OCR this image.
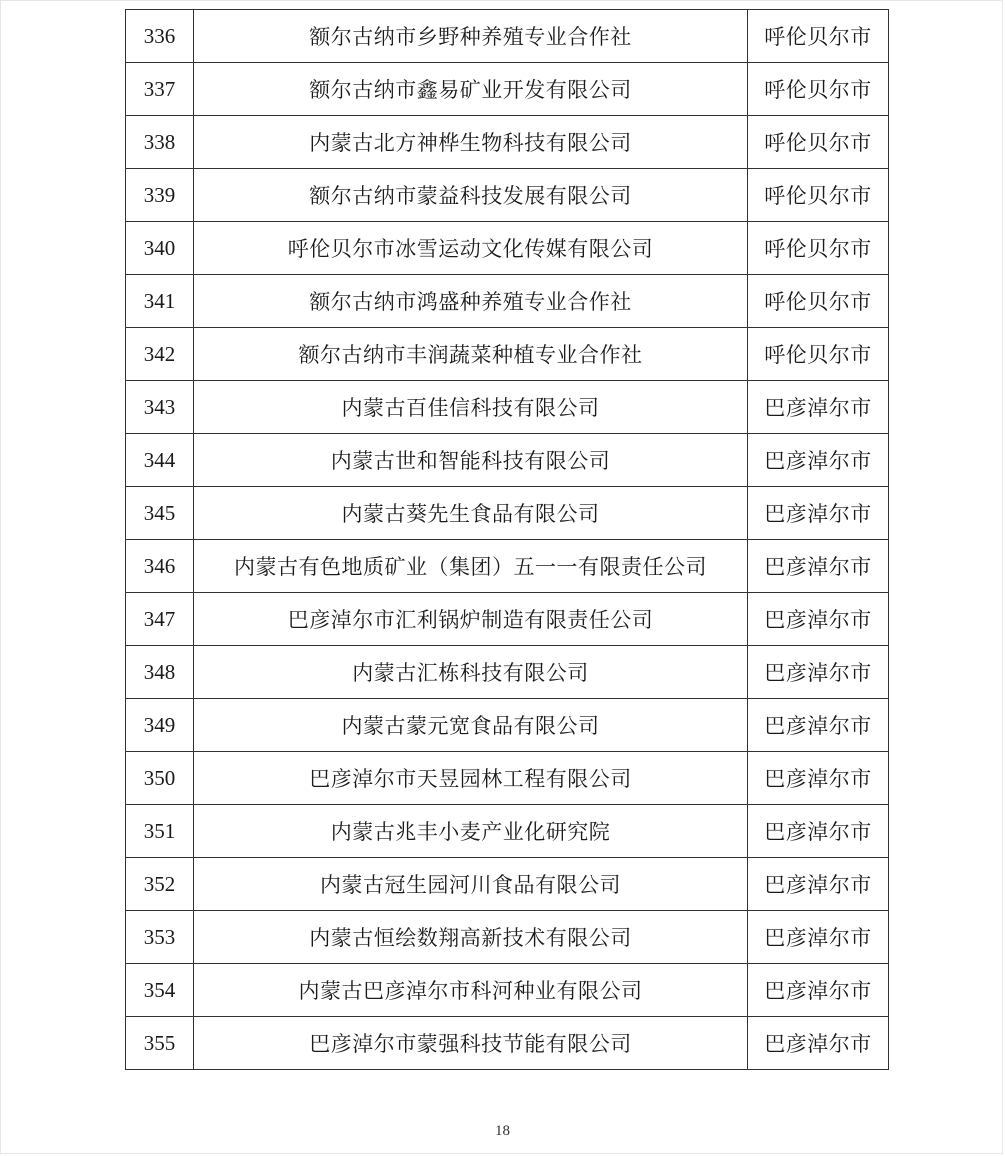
336	额尔古纳市乡野种养殖专业合作社	呼伦贝尔市
337	额尔古纳市鑫易矿业开发有限公司	呼伦贝尔市
338	内蒙古北方神桦生物科技有限公司	呼伦贝尔市
339	额尔古纳市蒙益科技发展有限公司	呼伦贝尔市
340	呼伦贝尔市冰雪运动文化传媒有限公司	呼伦贝尔市
341	额尔古纳市鸿盛种养殖专业合作社	呼伦贝尔市
342	额尔古纳市丰润蔬菜种植专业合作社	呼伦贝尔市
343	内蒙古百佳信科技有限公司	巴彦淖尔市
344	内蒙古世和智能科技有限公司	巴彦淖尔市
345	内蒙古葵先生食品有限公司	巴彦淖尔市
346	内蒙古有色地质矿业（集团）五一一有限责任公司	巴彦淖尔市
347	巴彦淖尔市汇利锅炉制造有限责任公司	巴彦淖尔市
348	内蒙古汇栋科技有限公司	巴彦淖尔市
349	内蒙古蒙元宽食品有限公司	巴彦淖尔市
350	巴彦淖尔市天昱园林工程有限公司	巴彦淖尔市
351	内蒙古兆丰小麦产业化研究院	巴彦淖尔市
352	内蒙古冠生园河川食品有限公司	巴彦淖尔市
353	内蒙古恒绘数翔高新技术有限公司	巴彦淖尔市
354	内蒙古巴彦淖尔市科河种业有限公司	巴彦淖尔市
355	巴彦淖尔市蒙强科技节能有限公司	巴彦淖尔市
18
